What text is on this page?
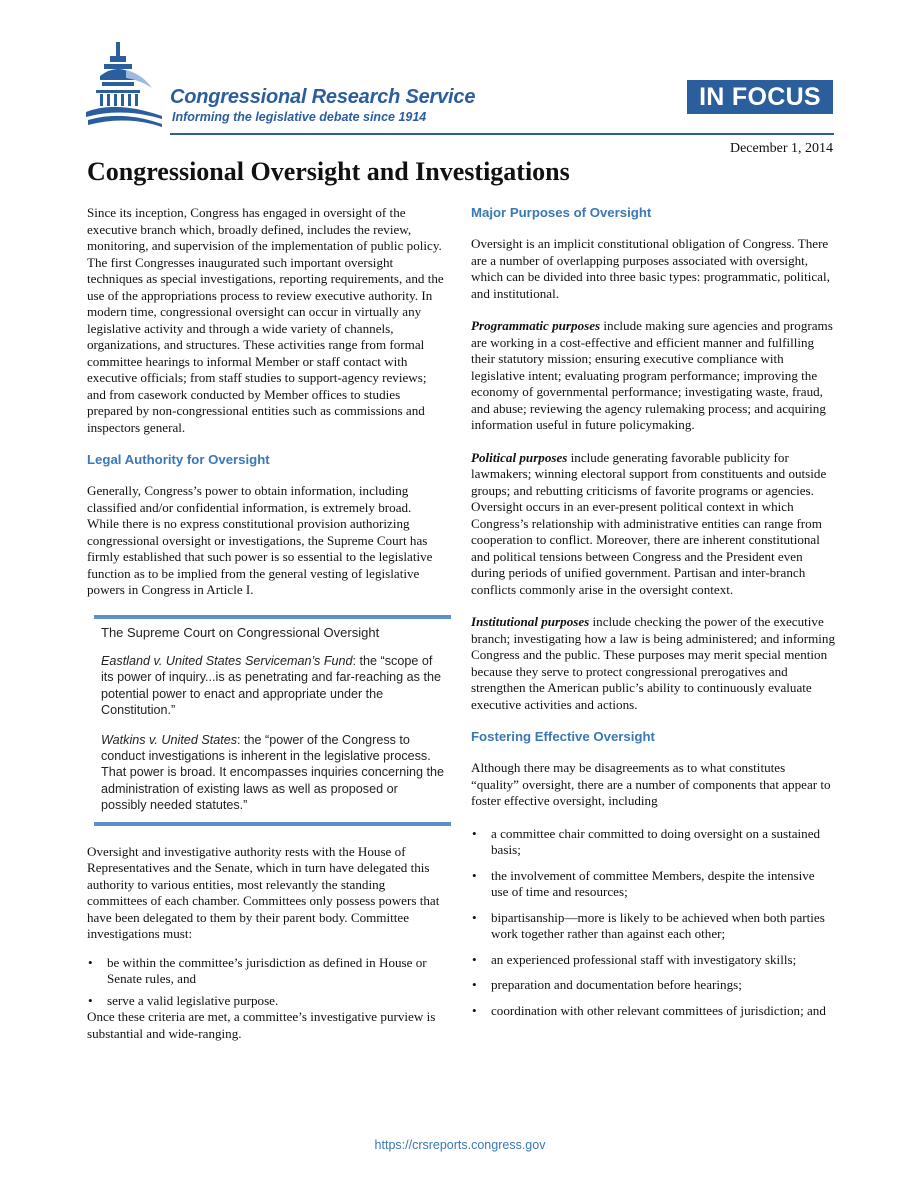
Congressional Research Service
Informing the legislative debate since 1914
IN FOCUS
December 1, 2014
Congressional Oversight and Investigations

Since its inception, Congress has engaged in oversight of the executive branch which, broadly defined, includes the review, monitoring, and supervision of the implementation of public policy. The first Congresses inaugurated such important oversight techniques as special investigations, reporting requirements, and the use of the appropriations process to review executive authority. In modern time, congressional oversight can occur in virtually any legislative activity and through a wide variety of channels, organizations, and structures. These activities range from formal committee hearings to informal Member or staff contact with executive officials; from staff studies to support-agency reviews; and from casework conducted by Member offices to studies prepared by non-congressional entities such as commissions and inspectors general.

Legal Authority for Oversight

Generally, Congress’s power to obtain information, including classified and/or confidential information, is extremely broad. While there is no express constitutional provision authorizing congressional oversight or investigations, the Supreme Court has firmly established that such power is so essential to the legislative function as to be implied from the general vesting of legislative powers in Congress in Article I.

The Supreme Court on Congressional Oversight
Eastland v. United States Serviceman’s Fund: the “scope of its power of inquiry...is as penetrating and far-reaching as the potential power to enact and appropriate under the Constitution.”
Watkins v. United States: the “power of the Congress to conduct investigations is inherent in the legislative process. That power is broad. It encompasses inquiries concerning the administration of existing laws as well as proposed or possibly needed statutes.”

Oversight and investigative authority rests with the House of Representatives and the Senate, which in turn have delegated this authority to various entities, most relevantly the standing committees of each chamber. Committees only possess powers that have been delegated to them by their parent body. Committee investigations must:

• be within the committee’s jurisdiction as defined in House or Senate rules, and
• serve a valid legislative purpose.

Once these criteria are met, a committee’s investigative purview is substantial and wide-ranging.

Major Purposes of Oversight

Oversight is an implicit constitutional obligation of Congress. There are a number of overlapping purposes associated with oversight, which can be divided into three basic types: programmatic, political, and institutional.

Programmatic purposes include making sure agencies and programs are working in a cost-effective and efficient manner and fulfilling their statutory mission; ensuring executive compliance with legislative intent; evaluating program performance; improving the economy of governmental performance; investigating waste, fraud, and abuse; reviewing the agency rulemaking process; and acquiring information useful in future policymaking.

Political purposes include generating favorable publicity for lawmakers; winning electoral support from constituents and outside groups; and rebutting criticisms of favorite programs or agencies. Oversight occurs in an ever-present political context in which Congress’s relationship with administrative entities can range from cooperation to conflict. Moreover, there are inherent constitutional and political tensions between Congress and the President even during periods of unified government. Partisan and inter-branch conflicts commonly arise in the oversight context.

Institutional purposes include checking the power of the executive branch; investigating how a law is being administered; and informing Congress and the public. These purposes may merit special mention because they serve to protect congressional prerogatives and strengthen the American public’s ability to continuously evaluate executive activities and actions.

Fostering Effective Oversight

Although there may be disagreements as to what constitutes “quality” oversight, there are a number of components that appear to foster effective oversight, including

• a committee chair committed to doing oversight on a sustained basis;
• the involvement of committee Members, despite the intensive use of time and resources;
• bipartisanship—more is likely to be achieved when both parties work together rather than against each other;
• an experienced professional staff with investigatory skills;
• preparation and documentation before hearings;
• coordination with other relevant committees of jurisdiction; and
https://crsreports.congress.gov
